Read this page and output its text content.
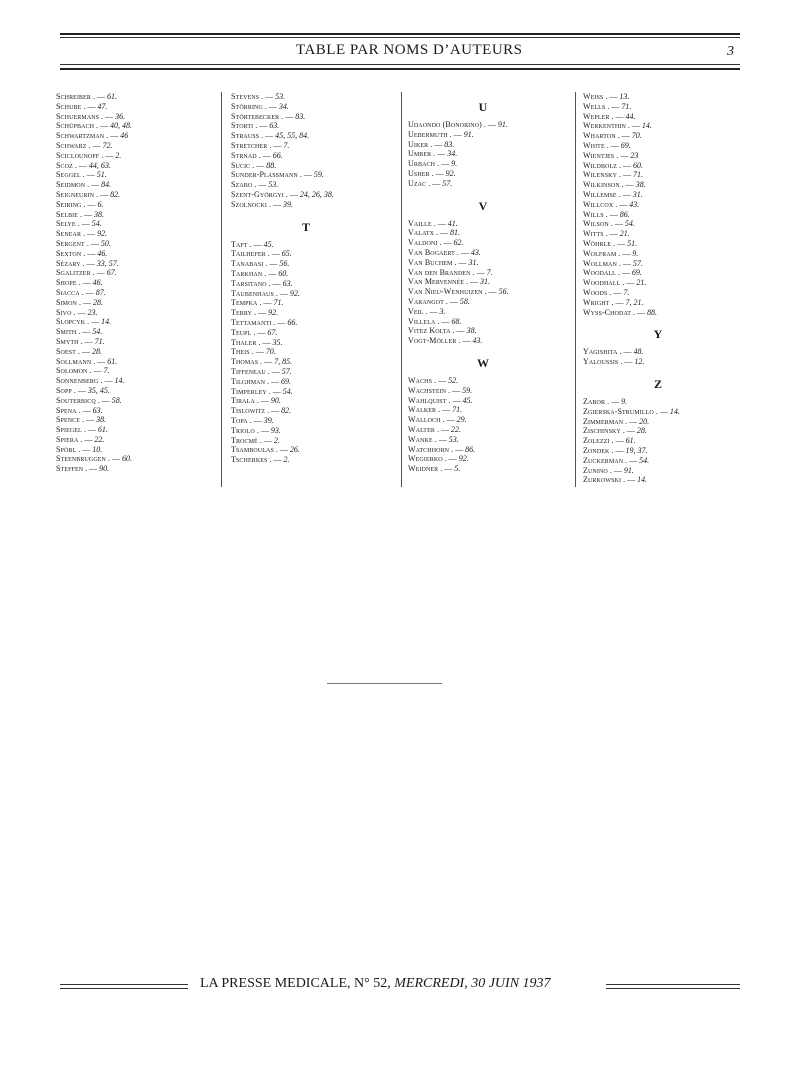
TABLE PAR NOMS D’AUTEURS	3
Schreiber . — 61.
Schube . — 47.
Schuermans . — 36.
Schüpbach . — 40, 48.
Schwartzman . — 46
Schwarz . — 72.
Sciclounoff . — 2.
Scoz . — 44, 63.
Seggel . — 51.
Seidmon . — 84.
Seigneurin . — 82.
Seiring . — 6.
Selbie . — 38.
Selye . — 54.
Senear . — 92.
Sergent . — 50.
Sexton . — 46.
Sézary . — 33, 57.
Sgalitzer . — 67.
Shope . — 46.
Siacca . — 87.
Simon . — 28.
Sivo . — 23.
Slopcyk . — 14.
Smith . — 54.
Smyth . — 71.
Soest . — 28.
Sollmann . — 61.
Solomon . — 7.
Sonnenberg . — 14.
Sopp . — 35, 45.
Souterbicq . — 58.
Spena . — 63.
Spence . — 38.
Spiegel . — 61.
Spiera . — 22.
Spöbl . — 10.
Steenbruggen . — 60.
Steffen . — 90.
Stevens . — 53.
Störring . — 34.
Störtebecker . — 83.
Storti . — 63.
Strauss . — 45, 55, 84.
Stretcher . — 7.
Strnad . — 66.
Sucic . — 88.
Sunder-Plassmann . — 59.
Szabo . — 53.
Szent-Györgyi . — 24, 26, 38.
Szolnocki . — 39.
T
Taft . — 45.
Tailhefer . — 65.
Tanabasi . — 56.
Tarkhan . — 60.
Tarsitano . — 63.
Taubenhaus . — 92.
Tempka . — 71.
Terry . — 92.
Tettamanti . — 66.
Teupl . — 67.
Thaler . — 35.
Theis . — 70.
Thomas . — 7, 85.
Tiffeneau . — 57.
Tilghman . — 69.
Timperley . — 54.
Tirala . — 90.
Tislowitz . — 82.
Topa . — 39.
Triolo . — 93.
Trocmé . — 2.
Tsamboulas . — 26.
Tscherkes . — 2.
U
Udaondo (Bonorino) . — 91.
Uebermuth . — 91.
Uiker . — 83.
Umber . — 34.
Urbach . — 9.
Usher . — 92.
Uzac . — 57.
V
Vaille . — 41.
Valatx . — 81.
Valdoni . — 62.
Van Bogaert . — 43.
Van Buchem . — 31.
Van den Branden . — 7.
Van Mervennée . — 31.
Van Nieu-Wenhuizen . — 56.
Varangot . — 58.
Veil . — 3.
Villela . — 68.
Vitez Kolta . — 38.
Vogt-Möller . — 43.
W
Wachs . — 52.
Wachstein . — 59.
Wahlquist . — 45.
Walker . — 71.
Walloch . — 29.
Walter . — 22.
Wanke . — 53.
Watchhorn . — 86.
Wegierko . — 92.
Weidner . — 5.
Weiss . — 13.
Wells . — 71.
Wepler . — 44.
Werkenthin . — 14.
Wharton . — 70.
White . — 69.
Wientjes . — 23
Wildbolz . — 60.
Wilensky . — 71.
Wilkinson . — 38.
Willemse . — 31.
Willcox . — 43.
Wills . — 86.
Wilson . — 54.
Witts . — 21.
Wöhrle . — 51.
Wolfram . — 9.
Wollman . — 57.
Woodall . — 69.
Woodhall . — 21.
Woods . — 7.
Wright . — 7, 21.
Wyss-Chodat . — 88.
Y
Yagishita . — 48.
Yaloussis . — 12.
Z
Zabor . — 9.
Zgierska-Strumillo . — 14.
Zimmerman . — 20.
Zischinsky . — 28.
Zolezzi . — 61.
Zondek . — 19, 37.
Zuckerman . — 54.
Zunino . — 91.
Zurkowski . — 14.
LA PRESSE MEDICALE, N° 52, MERCREDI, 30 JUIN 1937
